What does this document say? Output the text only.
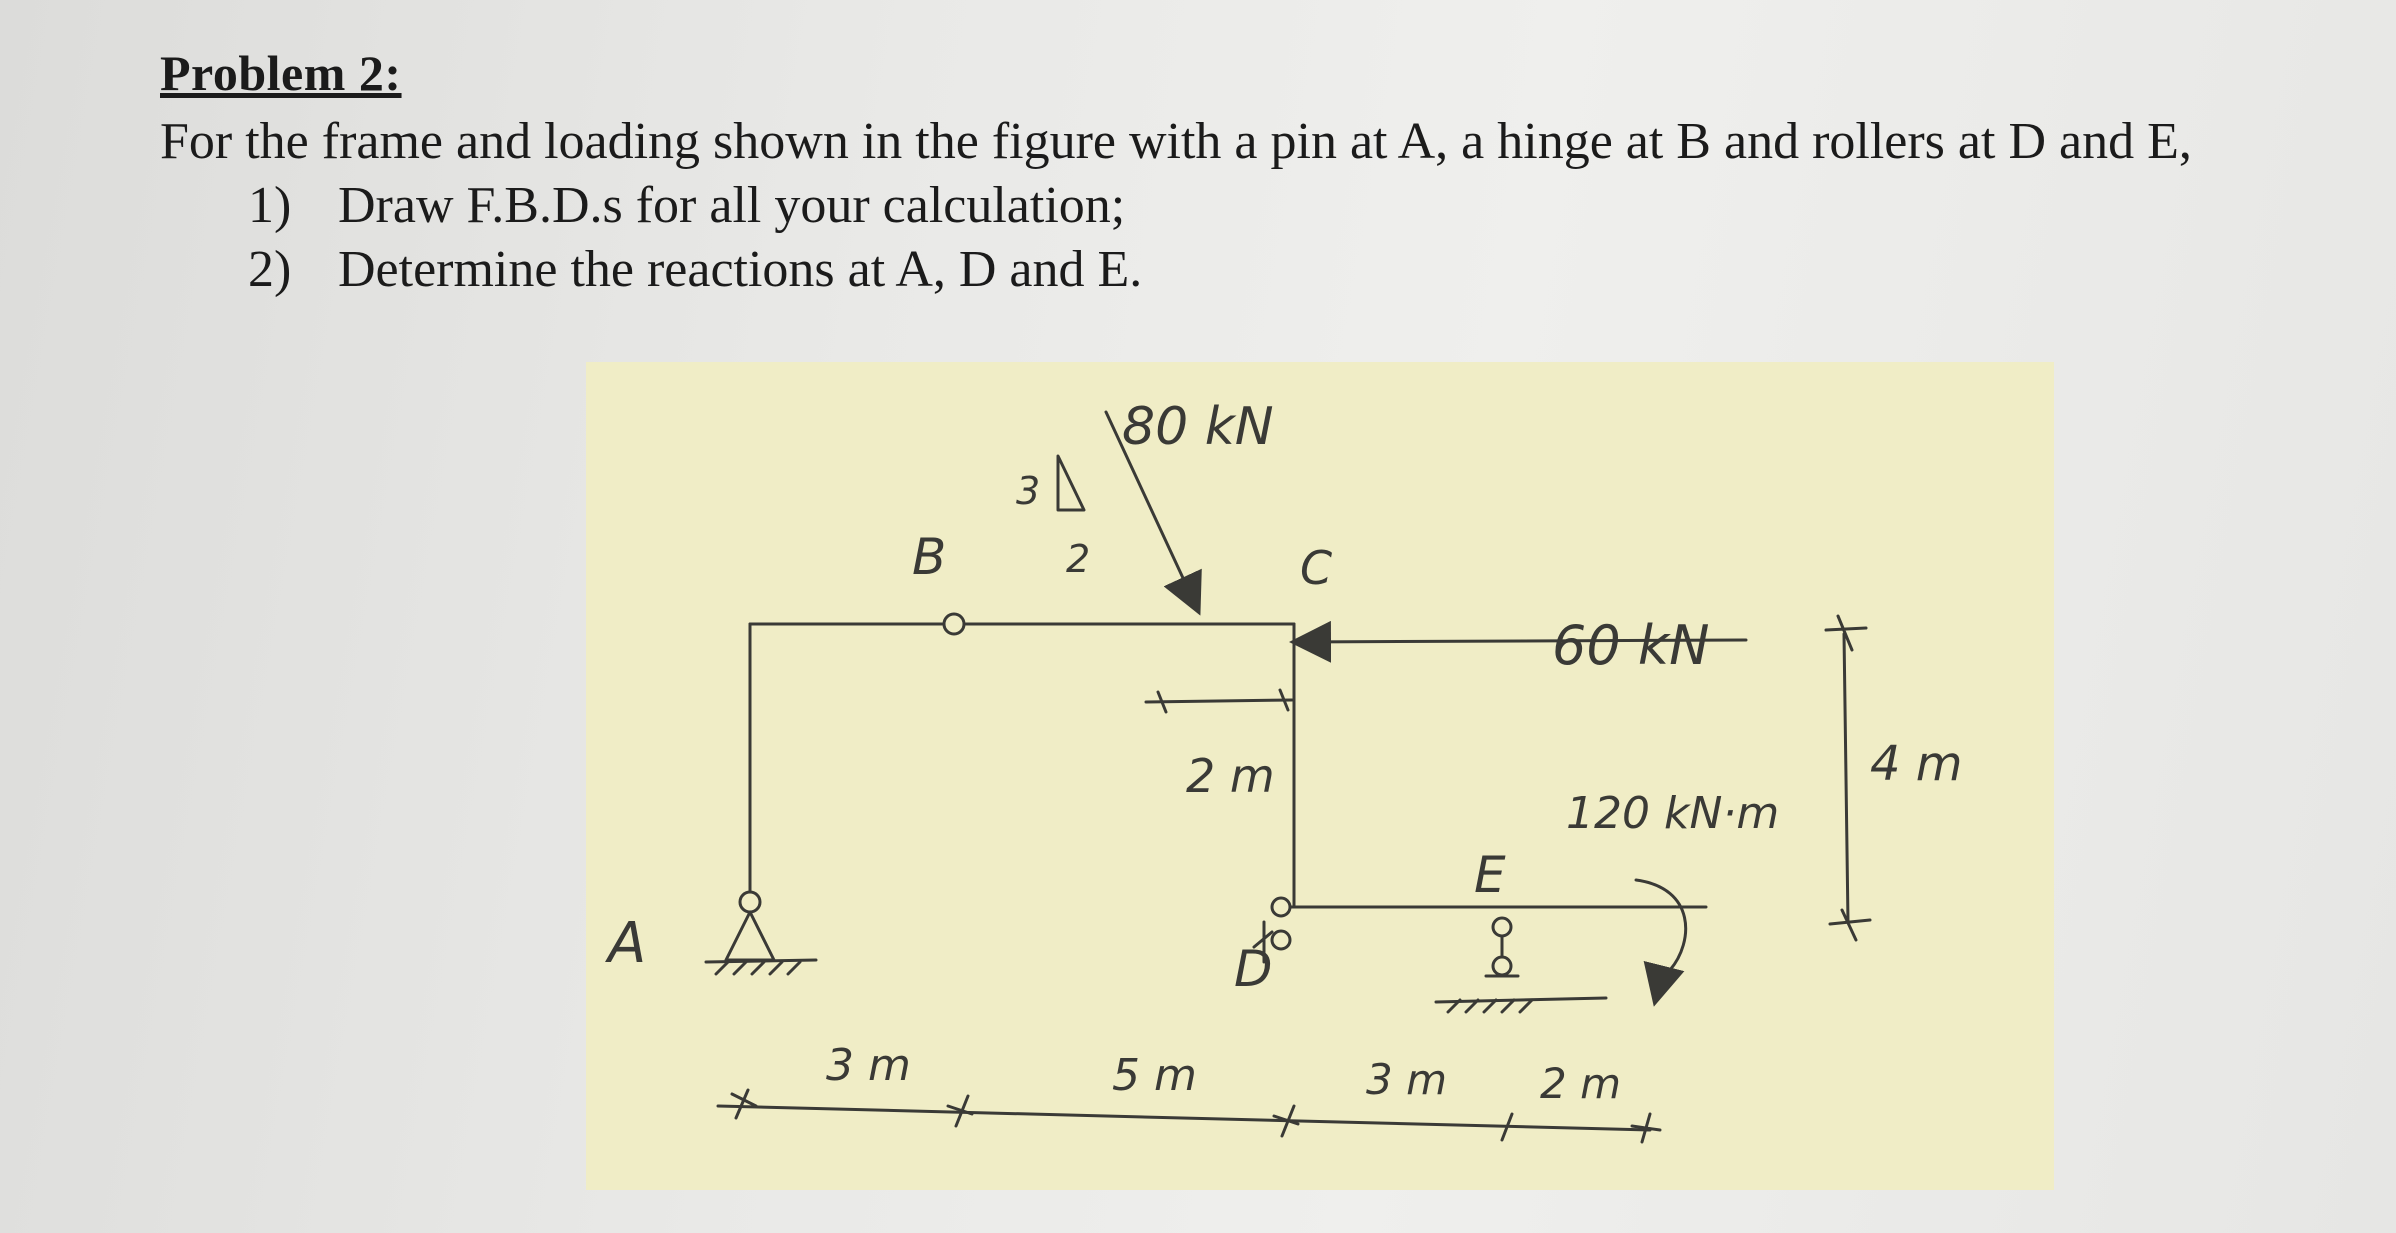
Problem 2:
For the frame and loading shown in the figure with a pin at A, a hinge at B and rollers at D and E,
1) Draw F.B.D.s for all your calculation;
2) Determine the reactions at A, D and E.
A
B	C
D
E
80 kN
3
2
60 kN
120 kN·m
2 m	4 m
3 m	5 m	3 m 2 m
